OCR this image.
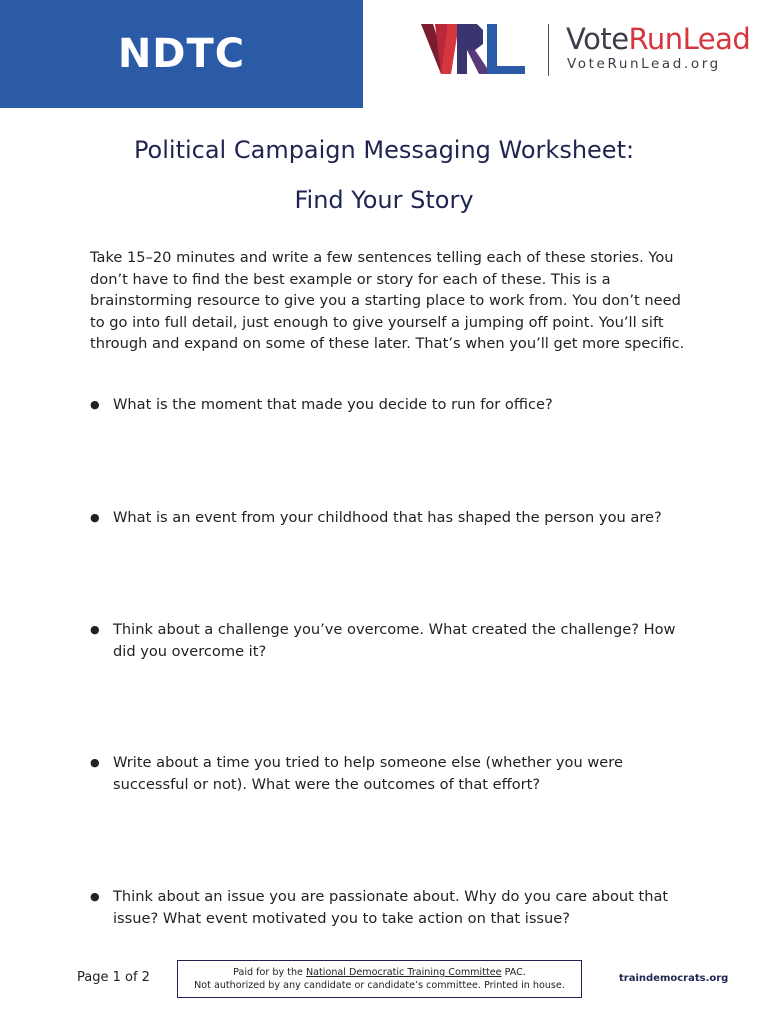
NDTC	VoteRunLead
VoteRunLead.org
Political Campaign Messaging Worksheet:
Find Your Story

Take 15–20 minutes and write a few sentences telling each of these stories. You don’t have to find the best example or story for each of these. This is a brainstorming resource to give you a starting place to work from. You don’t need to go into full detail, just enough to give yourself a jumping off point. You’ll sift through and expand on some of these later. That’s when you’ll get more specific.

● What is the moment that made you decide to run for office?
● What is an event from your childhood that has shaped the person you are?
● Think about a challenge you’ve overcome. What created the challenge? How did you overcome it?
● Write about a time you tried to help someone else (whether you were successful or not). What were the outcomes of that effort?
● Think about an issue you are passionate about. Why do you care about that issue? What event motivated you to take action on that issue?
Page 1 of 2	Paid for by the National Democratic Training Committee PAC.
Not authorized by any candidate or candidate’s committee. Printed in house.
traindemocrats.org
